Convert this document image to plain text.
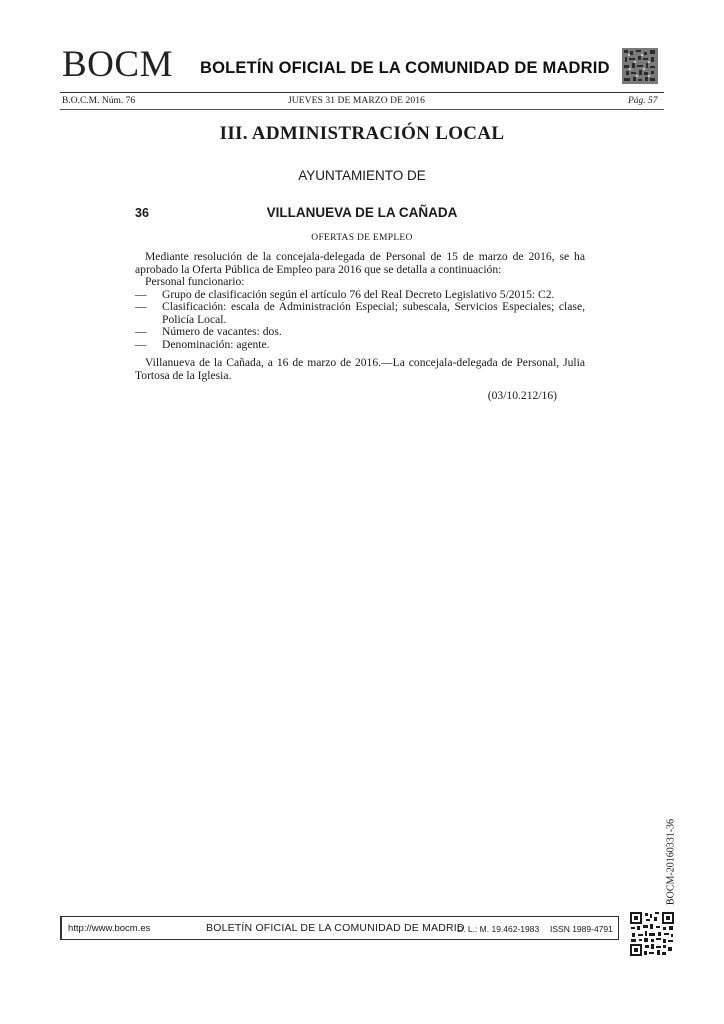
BOCM BOLETÍN OFICIAL DE LA COMUNIDAD DE MADRID
B.O.C.M. Núm. 76	JUEVES 31 DE MARZO DE 2016	Pág. 57
III. ADMINISTRACIÓN LOCAL
AYUNTAMIENTO DE
36	VILLANUEVA DE LA CAÑADA
OFERTAS DE EMPLEO

Mediante resolución de la concejala-delegada de Personal de 15 de marzo de 2016, se ha aprobado la Oferta Pública de Empleo para 2016 que se detalla a continuación:

Personal funcionario:

—	Grupo de clasificación según el artículo 76 del Real Decreto Legislativo 5/2015: C2.
—	Clasificación: escala de Administración Especial; subescala, Servicios Especiales; clase, Policía Local.
—	Número de vacantes: dos.
—	Denominación: agente.

Villanueva de la Cañada, a 16 de marzo de 2016.—La concejala-delegada de Personal, Julia Tortosa de la Iglesia.

(03/10.212/16)
BOCM-20160331-36
http://www.bocm.es	BOLETÍN OFICIAL DE LA COMUNIDAD DE MADRID
D. L.: M. 19.462-1983 ISSN 1989-4791
